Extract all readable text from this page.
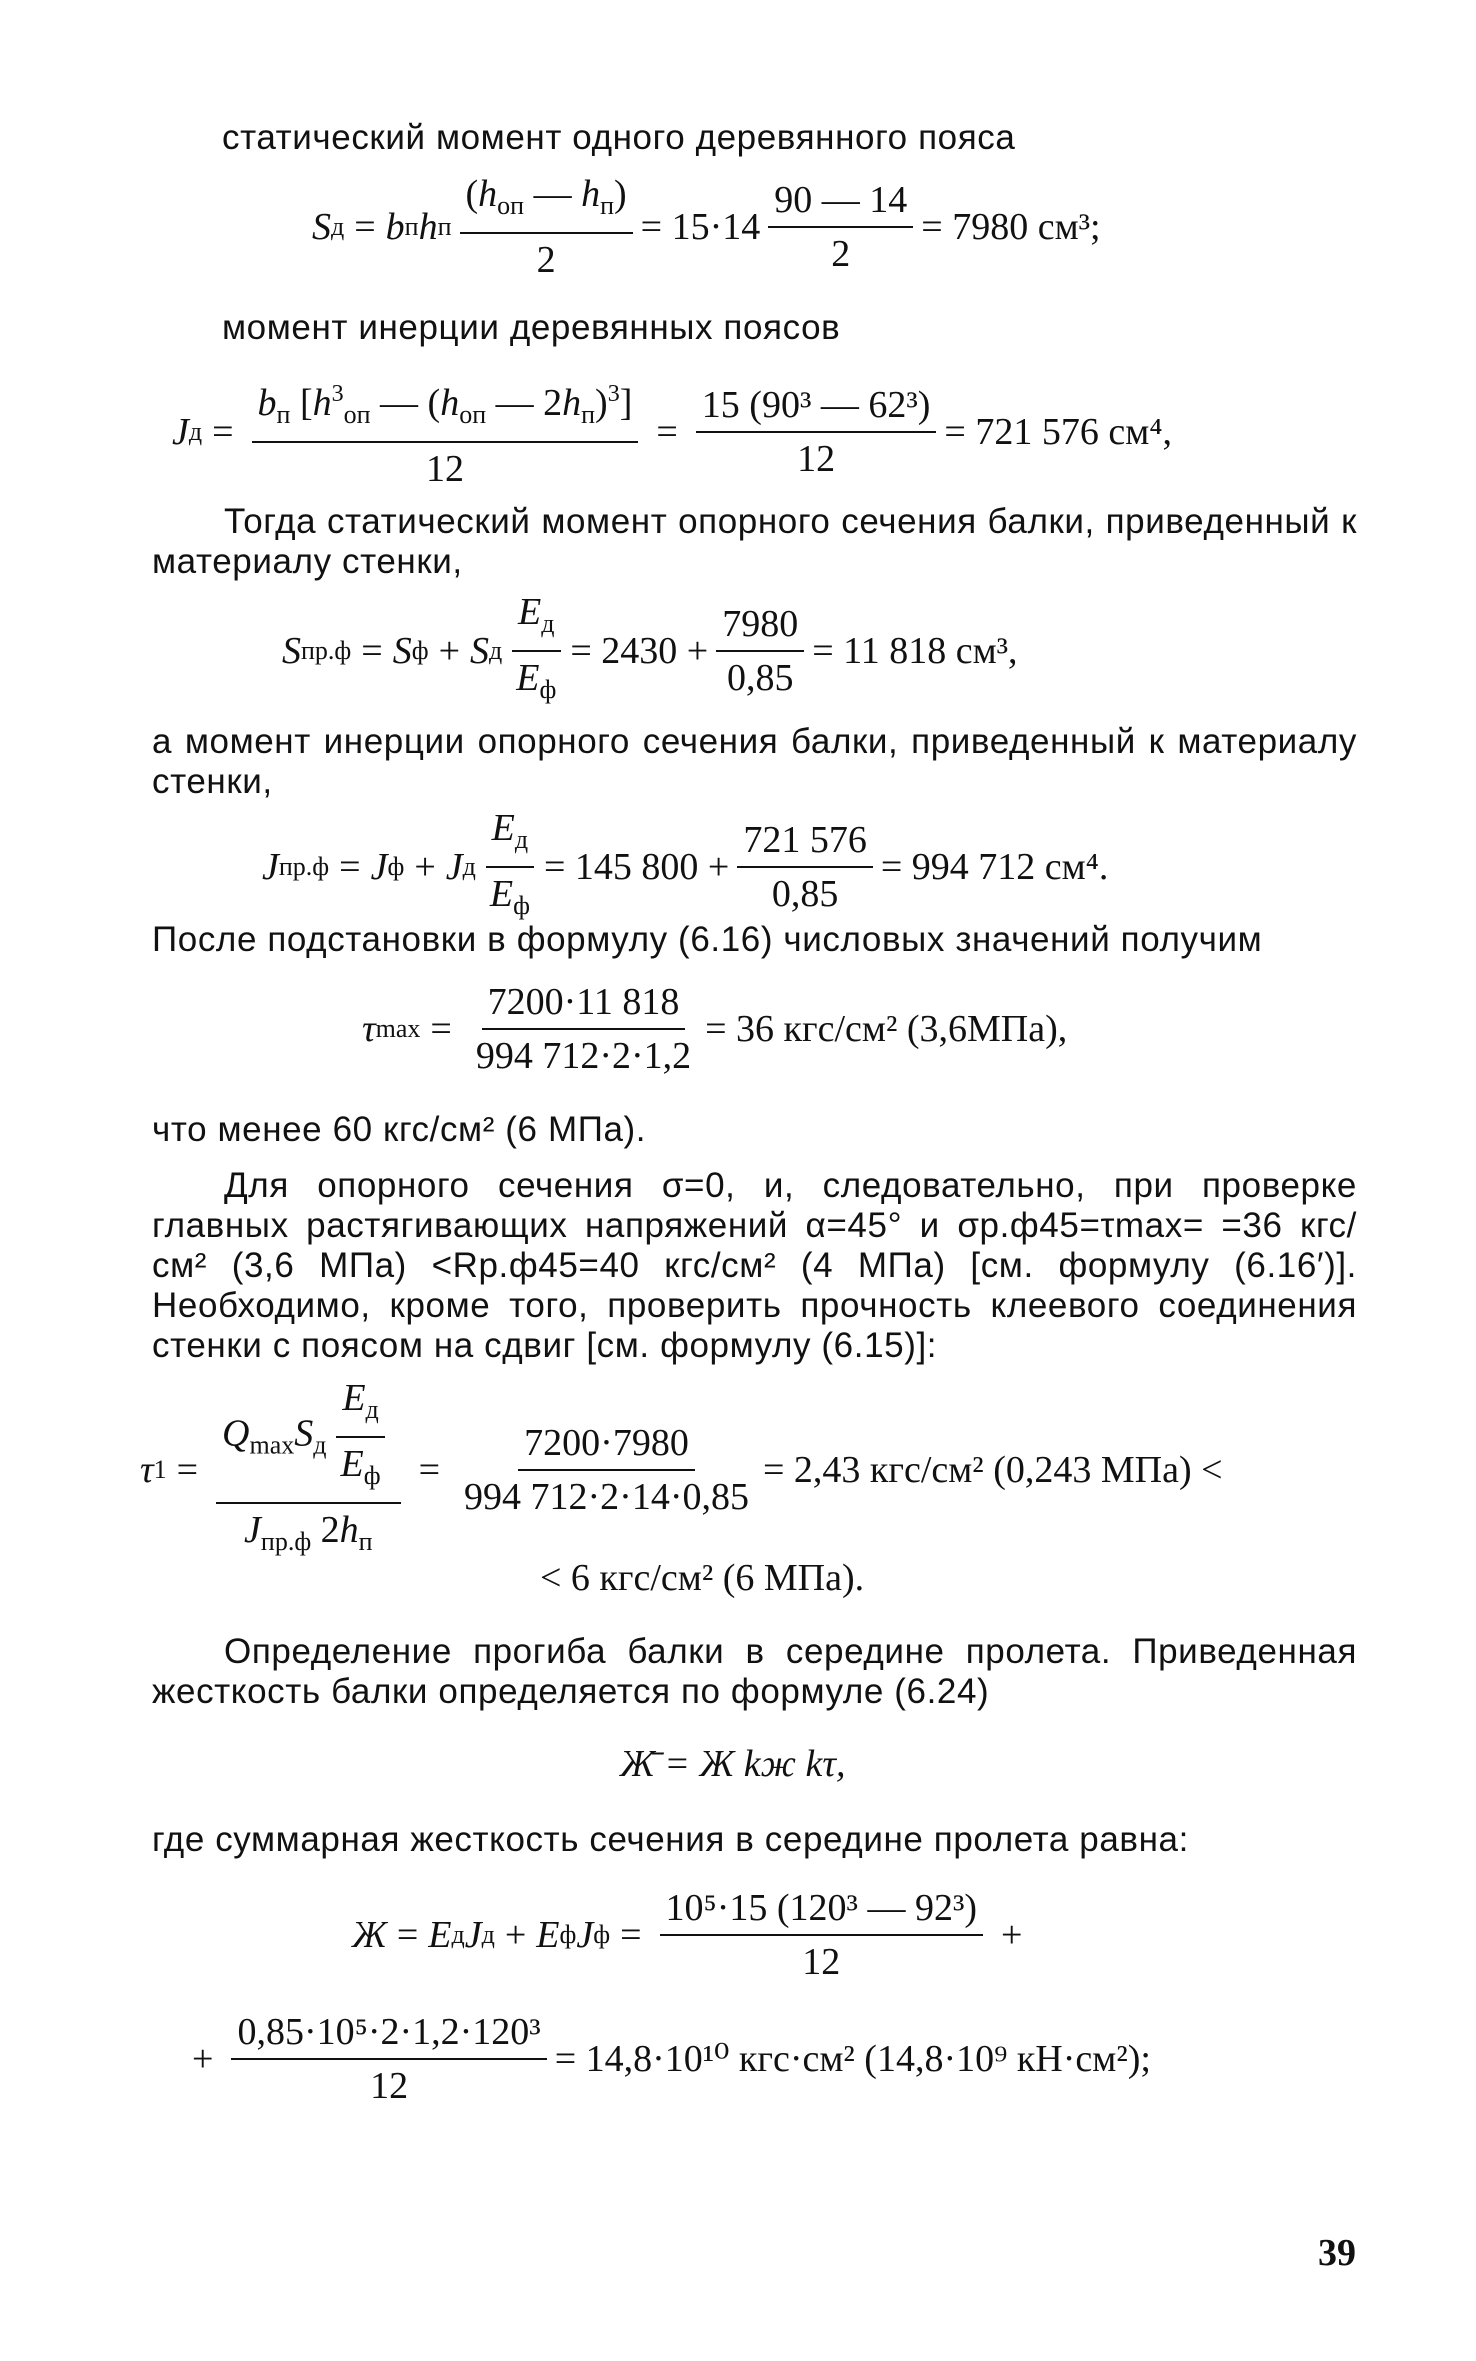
статический момент одного деревянного пояса
S д = b п h п $\frac{(h_{оп} — h_п)}{2} = 15\cdot 14 \frac{90 — 14}{2} = 7980$ см³;
момент инерции деревянных поясов
J $д = \frac{b_п [h^3_{оп} — (h_{оп} — 2h_п)^3]}{12} = \frac{\text{15 (90³ — 62³)}}{12} = 721$ 576 см⁴,
Тогда статический момент опорного сечения балки, приведенный к материалу стенки,
S пр.ф = S ф + S д $\frac{E_д}{E_ф} = 2430 + \frac{7980}{0,85} = 11$ 818 см³,
а момент инерции опорного сечения балки, приведенный к материалу стенки,
J пр.ф = J ф + J д $\frac{E_д}{E_ф} = 145$ $800 + \frac{721 576}{0,85} = 994$ 712 см⁴.
После подстановки в формулу (6.16) числовых значений получим
τ $\max = \frac{7200\cdot 11 818}{994 712\cdot 2\cdot 1,2} = 36$ кгс/см² (3,6МПа),
что менее 60 кгс/см² (6 МПа).
Для опорного сечения σ=0, и, следовательно, при проверке главных растягивающих напряжений α=45° и σр.ф45=τmax= =36 кгс/см² (3,6 МПа) <Rр.ф45=40 кгс/см² (4 МПа) [см. формулу (6.16′)]. Необходимо, кроме того, проверить прочность клеевого соединения стенки с поясом на сдвиг [см. формулу (6.15)]:
τ $1 = \frac{Q_{max}S_д \frac{E_д}{E_ф}}{J_{пр.ф} 2h_п} = \frac{7200\cdot 7980}{994 712\cdot 2\cdot 14\cdot 0,85} = 2,43$ кгс/см² (0,243 МПа) <
< 6 кгс/см² (6 МПа).
Определение прогиба балки в середине пролета. Приведенная жесткость балки определяется по формуле (6.24)
Ж̄ = Ж kж kτ,
где суммарная жесткость сечения в середине пролета равна:
Ж = E д J д + E ф J $ф = \frac{\text{10⁵·15 (120³ — 92³)}}{12}$ +
+ $\frac{\text{0,85·10⁵·2·1,2·120³}}{12} = 14,8\cdot 10^{10}$ кгс·см² (14,8·10⁹ кН·см²);
39
